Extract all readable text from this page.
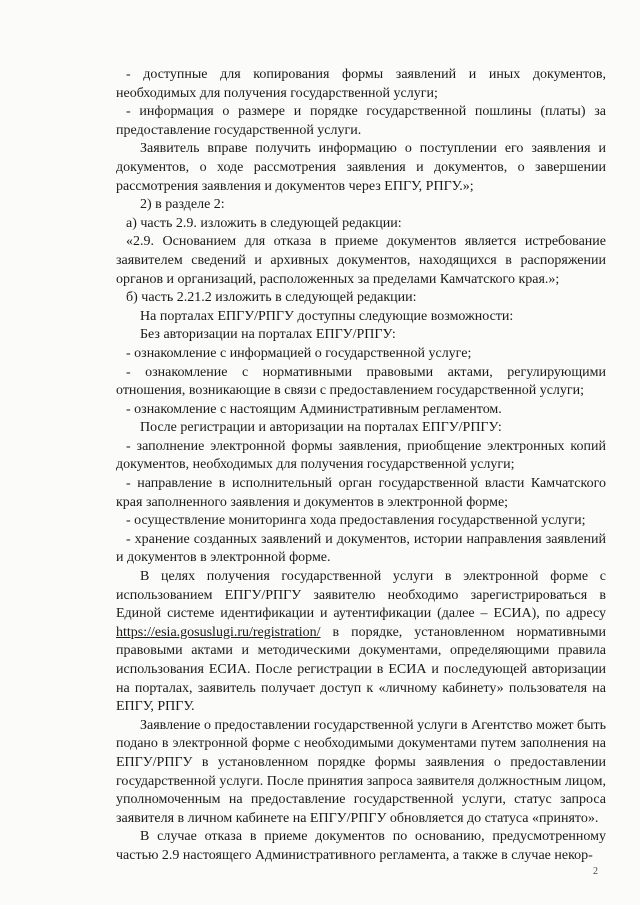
- доступные для копирования формы заявлений и иных документов, необходимых для получения государственной услуги;

- информация о размере и порядке государственной пошлины (платы) за предоставление государственной услуги.

Заявитель вправе получить информацию о поступлении его заявления и документов, о ходе рассмотрения заявления и документов, о завершении рассмотрения заявления и документов через ЕПГУ, РПГУ.»;

2) в разделе 2:

а) часть 2.9. изложить в следующей редакции:

«2.9. Основанием для отказа в приеме документов является истребование заявителем сведений и архивных документов, находящихся в распоряжении органов и организаций, расположенных за пределами Камчатского края.»;

б) часть 2.21.2 изложить в следующей редакции:

На порталах ЕПГУ/РПГУ доступны следующие возможности:

Без авторизации на порталах ЕПГУ/РПГУ:

- ознакомление с информацией о государственной услуге;

- ознакомление с нормативными правовыми актами, регулирующими отношения, возникающие в связи с предоставлением государственной услуги;

- ознакомление с настоящим Административным регламентом.

После регистрации и авторизации на порталах ЕПГУ/РПГУ:

- заполнение электронной формы заявления, приобщение электронных копий документов, необходимых для получения государственной услуги;

- направление в исполнительный орган государственной власти Камчатского края заполненного заявления и документов в электронной форме;

- осуществление мониторинга хода предоставления государственной услуги;

- хранение созданных заявлений и документов, истории направления заявлений и документов в электронной форме.

В целях получения государственной услуги в электронной форме с использованием ЕПГУ/РПГУ заявителю необходимо зарегистрироваться в Единой системе идентификации и аутентификации (далее – ЕСИА), по адресу https://esia.gosuslugi.ru/registration/ в порядке, установленном нормативными правовыми актами и методическими документами, определяющими правила использования ЕСИА. После регистрации в ЕСИА и последующей авторизации на порталах, заявитель получает доступ к «личному кабинету» пользователя на ЕПГУ, РПГУ.

Заявление о предоставлении государственной услуги в Агентство может быть подано в электронной форме с необходимыми документами путем заполнения на ЕПГУ/РПГУ в установленном порядке формы заявления о предоставлении государственной услуги. После принятия запроса заявителя должностным лицом, уполномоченным на предоставление государственной услуги, статус запроса заявителя в личном кабинете на ЕПГУ/РПГУ обновляется до статуса «принято».

В случае отказа в приеме документов по основанию, предусмотренному частью 2.9 настоящего Административного регламента, а также в случае некор-

2
